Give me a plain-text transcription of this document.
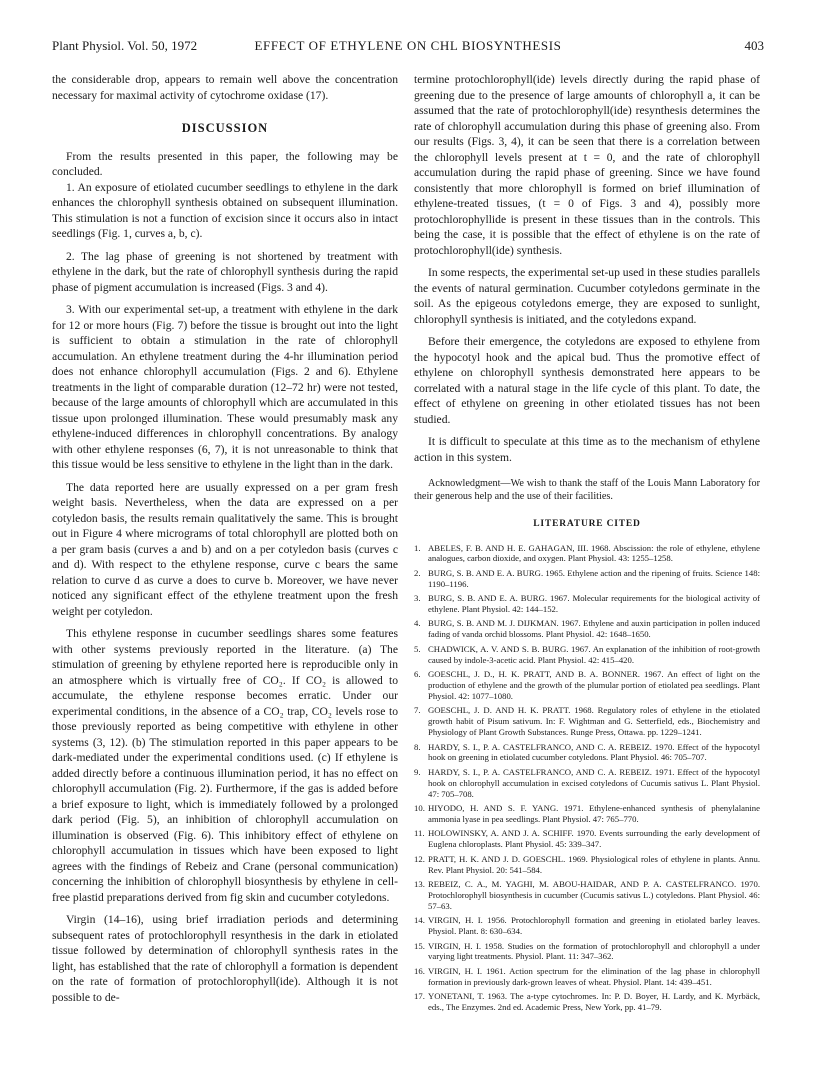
Plant Physiol. Vol. 50, 1972	EFFECT OF ETHYLENE ON CHL BIOSYNTHESIS	403

the considerable drop, appears to remain well above the concentration necessary for maximal activity of cytochrome oxidase (17).

DISCUSSION

From the results presented in this paper, the following may be concluded.

1. An exposure of etiolated cucumber seedlings to ethylene in the dark enhances the chlorophyll synthesis obtained on subsequent illumination. This stimulation is not a function of excision since it occurs also in intact seedlings (Fig. 1, curves a, b, c).

2. The lag phase of greening is not shortened by treatment with ethylene in the dark, but the rate of chlorophyll synthesis during the rapid phase of pigment accumulation is increased (Figs. 3 and 4).

3. With our experimental set-up, a treatment with ethylene in the dark for 12 or more hours (Fig. 7) before the tissue is brought out into the light is sufficient to obtain a stimulation in the rate of chlorophyll accumulation. An ethylene treatment during the 4-hr illumination period does not enhance chlorophyll accumulation (Figs. 2 and 6). Ethylene treatments in the light of comparable duration (12–72 hr) were not tested, because of the large amounts of chlorophyll which are accumulated in this tissue upon prolonged illumination. These would presumably mask any ethylene-induced differences in chlorophyll concentrations. By analogy with other ethylene responses (6, 7), it is not unreasonable to think that this tissue would be less sensitive to ethylene in the light than in the dark.

The data reported here are usually expressed on a per gram fresh weight basis. Nevertheless, when the data are expressed on a per cotyledon basis, the results remain qualitatively the same. This is brought out in Figure 4 where micrograms of total chlorophyll are plotted both on a per gram basis (curves a and b) and on a per cotyledon basis (curves c and d). With respect to the ethylene response, curve c bears the same relation to curve d as curve a does to curve b. Moreover, we have never noticed any significant effect of the ethylene treatment upon the fresh weight per cotyledon.

This ethylene response in cucumber seedlings shares some features with other systems previously reported in the literature. (a) The stimulation of greening by ethylene reported here is reproducible only in an atmosphere which is virtually free of CO₂. If CO₂ is allowed to accumulate, the ethylene response becomes erratic. Under our experimental conditions, in the absence of a CO₂ trap, CO₂ levels rose to those previously reported as being competitive with ethylene in other systems (3, 12). (b) The stimulation reported in this paper appears to be dark-mediated under the experimental conditions used. (c) If ethylene is added directly before a continuous illumination period, it has no effect on chlorophyll accumulation (Fig. 2). Furthermore, if the gas is added before a brief exposure to light, which is immediately followed by a prolonged dark period (Fig. 5), an inhibition of chlorophyll accumulation on illumination is observed (Fig. 6). This inhibitory effect of ethylene on chlorophyll accumulation in tissues which have been exposed to light agrees with the findings of Rebeiz and Crane (personal communication) concerning the inhibition of chlorophyll biosynthesis by ethylene in cell-free plastid preparations derived from fig skin and cucumber cotyledons.

Virgin (14–16), using brief irradiation periods and determining subsequent rates of protochlorophyll resynthesis in the dark in etiolated tissue followed by determination of chlorophyll synthesis rates in the light, has established that the rate of chlorophyll a formation is dependent on the rate of formation of protochlorophyll(ide). Although it is not possible to de-

termine protochlorophyll(ide) levels directly during the rapid phase of greening due to the presence of large amounts of chlorophyll a, it can be assumed that the rate of protochlorophyll(ide) resynthesis determines the rate of chlorophyll accumulation during this phase of greening also. From our results (Figs. 3, 4), it can be seen that there is a correlation between the chlorophyll levels present at t = 0, and the rate of chlorophyll accumulation during the rapid phase of greening. Since we have found consistently that more chlorophyll is formed on brief illumination of ethylene-treated tissues, (t = 0 of Figs. 3 and 4), possibly more protochlorophyllide is present in these tissues than in the controls. This being the case, it is possible that the effect of ethylene is on the rate of protochlorophyll(ide) synthesis.

In some respects, the experimental set-up used in these studies parallels the events of natural germination. Cucumber cotyledons germinate in the soil. As the epigeous cotyledons emerge, they are exposed to sunlight, chlorophyll synthesis is initiated, and the cotyledons expand.

Before their emergence, the cotyledons are exposed to ethylene from the hypocotyl hook and the apical bud. Thus the promotive effect of ethylene on chlorophyll synthesis demonstrated here appears to be correlated with a natural stage in the life cycle of this plant. To date, the effect of ethylene on greening in other etiolated tissues has not been studied.

It is difficult to speculate at this time as to the mechanism of ethylene action in this system.

Acknowledgment—We wish to thank the staff of the Louis Mann Laboratory for their generous help and the use of their facilities.

LITERATURE CITED
1. ABELES, F. B. AND H. E. GAHAGAN, III. 1968. Abscission: the role of ethylene, ethylene analogues, carbon dioxide, and oxygen. Plant Physiol. 43: 1255–1258.
2. BURG, S. B. AND E. A. BURG. 1965. Ethylene action and the ripening of fruits. Science 148: 1190–1196.
3. BURG, S. B. AND E. A. BURG. 1967. Molecular requirements for the biological activity of ethylene. Plant Physiol. 42: 144–152.
4. BURG, S. B. AND M. J. DIJKMAN. 1967. Ethylene and auxin participation in pollen induced fading of vanda orchid blossoms. Plant Physiol. 42: 1648–1650.
5. CHADWICK, A. V. AND S. B. BURG. 1967. An explanation of the inhibition of root-growth caused by indole-3-acetic acid. Plant Physiol. 42: 415–420.
6. GOESCHL, J. D., H. K. PRATT, AND B. A. BONNER. 1967. An effect of light on the production of ethylene and the growth of the plumular portion of etiolated pea seedlings. Plant Physiol. 42: 1077–1080.
7. GOESCHL, J. D. AND H. K. PRATT. 1968. Regulatory roles of ethylene in the etiolated growth habit of Pisum sativum. In: F. Wightman and G. Setterfield, eds., Biochemistry and Physiology of Plant Growth Substances. Runge Press, Ottawa. pp. 1229–1241.
8. HARDY, S. I., P. A. CASTELFRANCO, AND C. A. REBEIZ. 1970. Effect of the hypocotyl hook on greening in etiolated cucumber cotyledons. Plant Physiol. 46: 705–707.
9. HARDY, S. I., P. A. CASTELFRANCO, AND C. A. REBEIZ. 1971. Effect of the hypocotyl hook on chlorophyll accumulation in excised cotyledons of Cucumis sativus L. Plant Physiol. 47: 705–708.
10. HIYODO, H. AND S. F. YANG. 1971. Ethylene-enhanced synthesis of phenylalanine ammonia lyase in pea seedlings. Plant Physiol. 47: 765–770.
11. HOLOWINSKY, A. AND J. A. SCHIFF. 1970. Events surrounding the early development of Euglena chloroplasts. Plant Physiol. 45: 339–347.
12. PRATT, H. K. AND J. D. GOESCHL. 1969. Physiological roles of ethylene in plants. Annu. Rev. Plant Physiol. 20: 541–584.
13. REBEIZ, C. A., M. YAGHI, M. ABOU-HAIDAR, AND P. A. CASTELFRANCO. 1970. Protochlorophyll biosynthesis in cucumber (Cucumis sativus L.) cotyledons. Plant Physiol. 46: 57–63.
14. VIRGIN, H. I. 1956. Protochlorophyll formation and greening in etiolated barley leaves. Physiol. Plant. 8: 630–634.
15. VIRGIN, H. I. 1958. Studies on the formation of protochlorophyll and chlorophyll a under varying light treatments. Physiol. Plant. 11: 347–362.
16. VIRGIN, H. I. 1961. Action spectrum for the elimination of the lag phase in chlorophyll formation in previously dark-grown leaves of wheat. Physiol. Plant. 14: 439–451.
17. YONETANI, T. 1963. The a-type cytochromes. In: P. D. Boyer, H. Lardy, and K. Myrbäck, eds., The Enzymes. 2nd ed. Academic Press, New York, pp. 41–79.
